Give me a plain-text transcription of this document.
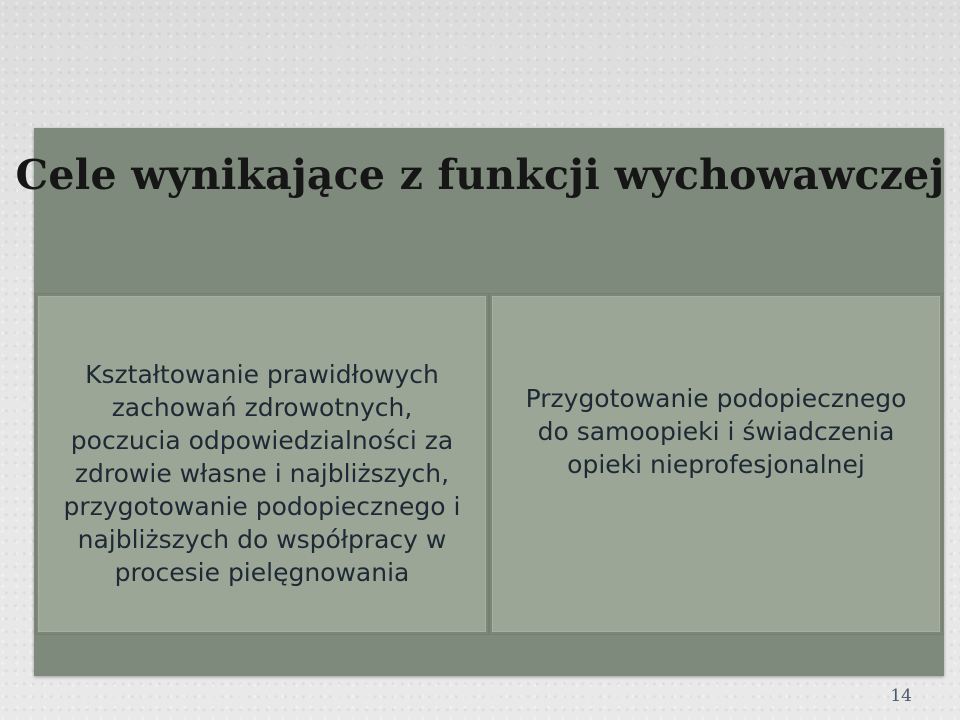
Cele wynikające z funkcji wychowawczej

Kształtowanie prawidłowych zachowań zdrowotnych, poczucia odpowiedzialności za zdrowie własne i najbliższych, przygotowanie podopiecznego i najbliższych do współpracy w procesie pielęgnowania

Przygotowanie podopiecznego do samoopieki i świadczenia opieki nieprofesjonalnej

14
